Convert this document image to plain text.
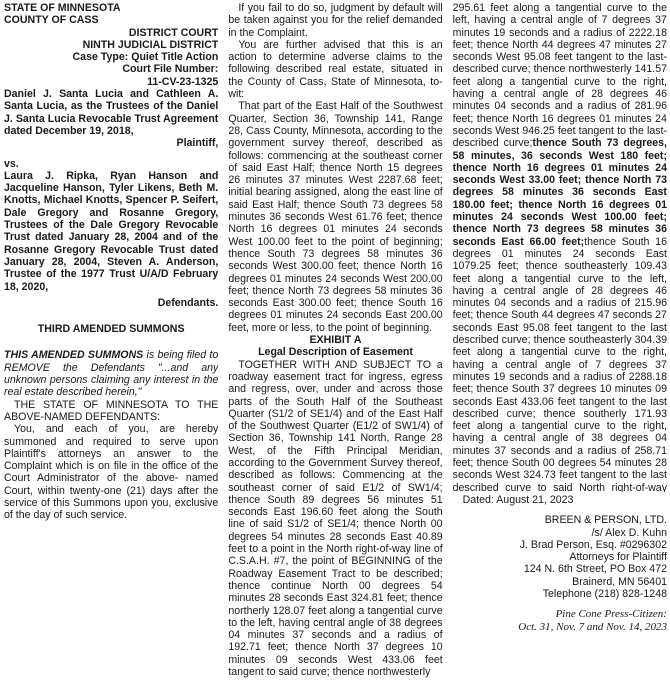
STATE OF MINNESOTA

COUNTY OF CASS

DISTRICT COURT

NINTH JUDICIAL DISTRICT

Case Type: Quiet Title Action

Court File Number:

11-CV-23-1325

Daniel J. Santa Lucia and Cathleen A. Santa Lucia, as the Trustees of the Daniel J. Santa Lucia Revocable Trust Agreement dated December 19, 2018,

Plaintiff,

vs.

Laura J. Ripka, Ryan Hanson and Jacqueline Hanson, Tyler Likens, Beth M. Knotts, Michael Knotts, Spencer P. Seifert, Dale Gregory and Rosanne Gregory, Trustees of the Dale Gregory Revocable Trust dated January 28, 2004 and of the Rosanne Gregory Revocable Trust dated January 28, 2004, Steven A. Anderson, Trustee of the 1977 Trust U/A/D February 18, 2020,

Defendants.

THIRD AMENDED SUMMONS

THIS AMENDED SUMMONS is being filed to REMOVE the Defendants "...and any unknown persons claiming any interest in the real estate described herein,"

THE STATE OF MINNESOTA TO THE ABOVE-NAMED DEFENDANTS:

You, and each of you, are hereby summoned and required to serve upon Plaintiff's attorneys an answer to the Complaint which is on file in the office of the Court Administrator of the above- named Court, within twenty-one (21) days after the service of this Summons upon you, exclusive of the day of such service.

If you fail to do so, judgment by default will be taken against you for the relief demanded in the Complaint.

You are further advised that this is an action to determine adverse claims to the following described real estate, situated in the County of Cass, State of Minnesota, to-wit:

That part of the East Half of the Southwest Quarter, Section 36, Township 141, Range 28, Cass County, Minnesota, according to the government survey thereof, described as follows: commencing at the southeast corner of said East Half; thence North 15 degrees 26 minutes 37 minutes West 2287.68 feet; initial bearing assigned, along the east line of said East Half; thence South 73 degrees 58 minutes 36 seconds West 61.76 feet; thence North 16 degrees 01 minutes 24 seconds West 100.00 feet to the point of beginning; thence South 73 degrees 58 minutes 36 seconds West 300.00 feet; thence North 16 degrees 01 minutes 24 seconds West 200.00 feet; thence North 73 degrees 58 minutes 36 seconds East 300.00 feet; thence South 16 degrees 01 minutes 24 seconds East 200.00 feet, more or less, to the point of beginning.

EXHIBIT A

Legal Description of Easement

TOGETHER WITH AND SUBJECT TO a roadway easement tract for ingress, egress and regress, over, under and across those parts of the South Half of the Southeast Quarter (S1/2 of SE1/4) and of the East Half of the Southwest Quarter (E1/2 of SW1/4) of Section 36, Township 141 North, Range 28 West, of the Fifth Principal Meridian, according to the Government Survey thereof, described as follows: Commencing at the southeast corner of said E1/2 of SW1/4; thence South 89 degrees 56 minutes 51 seconds East 196.60 feet along the South line of said S1/2 of SE1/4; thence North 00 degrees 54 minutes 28 seconds East 40.89 feet to a point in the North right-of-way line of C.S.A.H. #7, the point of BEGINNING of the Roadway Easement Tract to be described; thence continue North 00 degrees 54 minutes 28 seconds East 324.81 feet; thence northerly 128.07 feet along a tangential curve to the left, having central angle of 38 degrees 04 minutes 37 seconds and a radius of 192.71 feet; thence North 37 degrees 10 minutes 09 seconds West 433.06 feet tangent to said curve; thence northwesterly

295.61 feet along a tangential curve to the left, having a central angle of 7 degrees 37 minutes 19 seconds and a radius of 2222.18 feet; thence North 44 degrees 47 minutes 27 seconds West 95.08 feet tangent to the last-described curve; thence northwesterly 141.57 feet along a tangential curve to the right, having a central angle of 28 degrees 46 minutes 04 seconds and a radius of 281.96 feet; thence North 16 degrees 01 minutes 24 seconds West 946.25 feet tangent to the last-described curve;thence South 73 degrees, 58 minutes, 36 seconds West 180 feet; thence North 16 degrees 01 minutes 24 seconds West 33.00 feet; thence North 73 degrees 58 minutes 36 seconds East 180.00 feet; thence North 16 degrees 01 minutes 24 seconds West 100.00 feet; thence North 73 degrees 58 minutes 36 seconds East 66.00 feet;thence South 16 degrees 01 minutes 24 seconds East 1079.25 feet; thence southeasterly 109.43 feet along a tangential curve to the left, having a central angle of 28 degrees 46 minutes 04 seconds and a radius of 215.96 feet; thence South 44 degrees 47 seconds 27 seconds East 95.08 feet tangent to the last described curve; thence southeasterly 304.39 feet along a tangential curve to the right, having a central angle of 7 degrees 37 minutes 19 seconds and a radius of 2288.18 feet; thence South 37 degrees 10 minutes 09 seconds East 433.06 feet tangent to the last described curve; thence southerly 171.93 feet along a tangential curve to the right, having a central angle of 38 degrees 04 minutes 37 seconds and a radius of 258.71 feet; thence South 00 degrees 54 minutes 28 seconds West 324.73 feet tangent to the last described curve to said North right-of-way

Dated: August 21, 2023

BREEN & PERSON, LTD.

/s/ Alex D. Kuhn

J. Brad Person, Esq. #0296302

Attorneys for Plaintiff

124 N. 6th Street, PO Box 472

Brainerd, MN 56401

Telephone (218) 828-1248

Pine Cone Press-Citizen:

Oct. 31, Nov. 7 and Nov. 14, 2023
